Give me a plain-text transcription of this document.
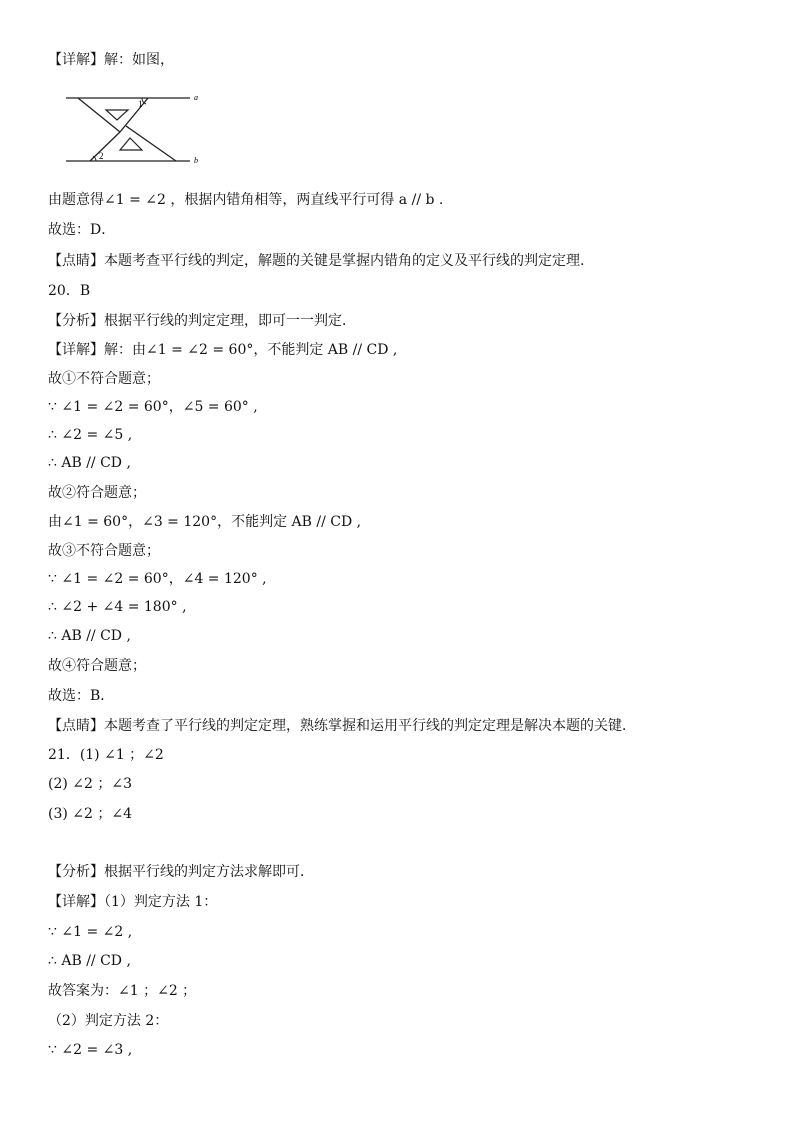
【详解】解：如图，
1
2
a
b
由题意得∠1 = ∠2 ，根据内错角相等，两直线平行可得 a // b .
故选：D．
【点睛】本题考查平行线的判定，解题的关键是掌握内错角的定义及平行线的判定定理.
20．B
【分析】根据平行线的判定定理，即可一一判定．
【详解】解：由∠1 = ∠2 = 60°，不能判定 AB // CD ,
故①不符合题意；
∵ ∠1 = ∠2 = 60°，∠5 = 60° ,
∴ ∠2 = ∠5 ,
∴ AB // CD ,
故②符合题意；
由∠1 = 60°，∠3 = 120°，不能判定 AB // CD ,
故③不符合题意；
∵ ∠1 = ∠2 = 60°，∠4 = 120° ,
∴ ∠2 + ∠4 = 180° ,
∴ AB // CD ,
故④符合题意；
故选：B．
【点睛】本题考查了平行线的判定定理，熟练掌握和运用平行线的判定定理是解决本题的关键．
21．(1) ∠1 ；∠2
(2) ∠2 ；∠3
(3) ∠2 ；∠4
【分析】根据平行线的判定方法求解即可．
【详解】（1）判定方法 1：
∵ ∠1 = ∠2 ,
∴ AB // CD ,
故答案为：∠1 ；∠2 ；
（2）判定方法 2：
∵ ∠2 = ∠3 ,
